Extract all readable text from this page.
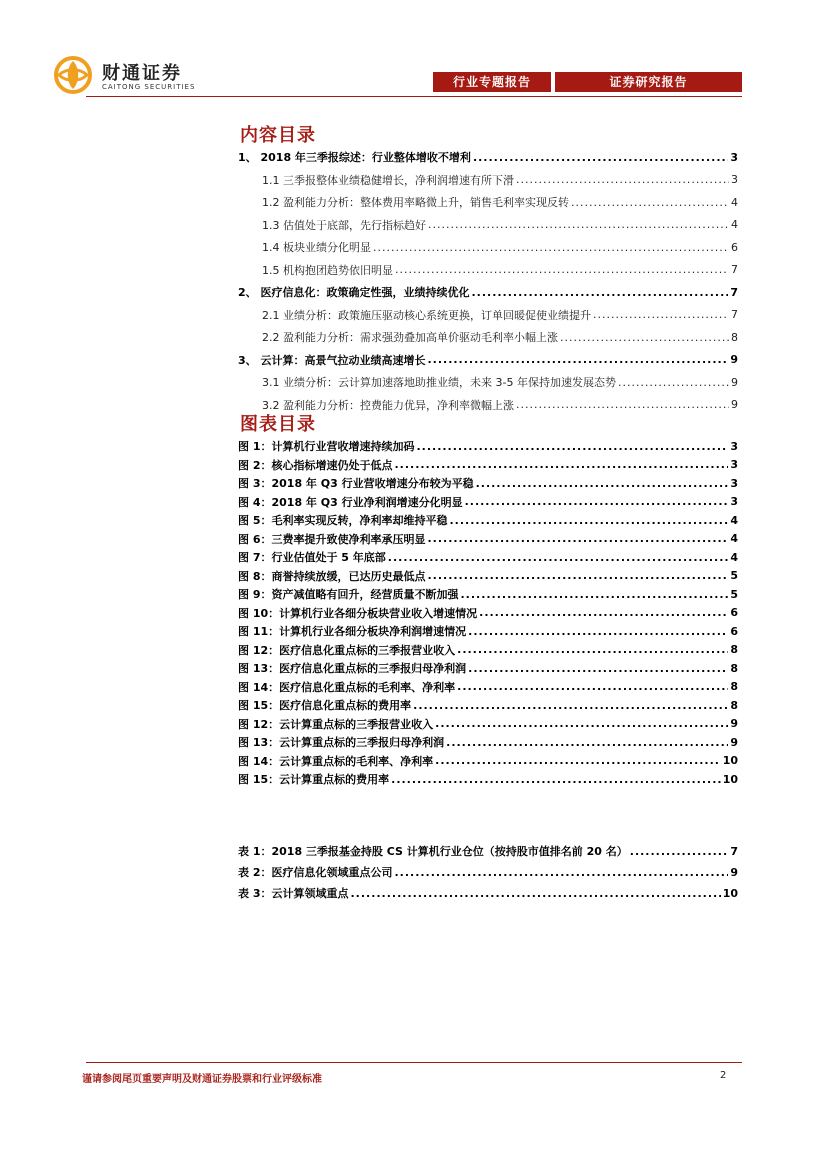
财通证券
CAITONG SECURITIES	行业专题报告	证券研究报告
内容目录
1、 2018 年三季报综述：行业整体增收不增利 .....	3
1.1 三季报整体业绩稳健增长，净利润增速有所下滑 .....	3
1.2 盈利能力分析：整体费用率略微上升，销售毛利率实现反转 .....	4
1.3 估值处于底部，先行指标趋好 .....	4
1.4 板块业绩分化明显 .....	6
1.5 机构抱团趋势依旧明显 .....	7
2、 医疗信息化：政策确定性强，业绩持续优化 .....	7
2.1 业绩分析：政策施压驱动核心系统更换，订单回暖促使业绩提升 .....	7
2.2 盈利能力分析：需求强劲叠加高单价驱动毛利率小幅上涨 .....	8
3、 云计算：高景气拉动业绩高速增长 .....	9
3.1 业绩分析：云计算加速落地助推业绩，未来 3-5 年保持加速发展态势 .....	9
3.2 盈利能力分析：控费能力优异，净利率微幅上涨 .....	9
图表目录
图 1：计算机行业营收增速持续加码 .....	3
图 2：核心指标增速仍处于低点 .....	3
图 3：2018 年 Q3 行业营收增速分布较为平稳 .....	3
图 4：2018 年 Q3 行业净利润增速分化明显 .....	3
图 5：毛利率实现反转，净利率却维持平稳 .....	4
图 6：三费率提升致使净利率承压明显 .....	4
图 7：行业估值处于 5 年底部 .....	4
图 8：商誉持续放缓，已达历史最低点 .....	5
图 9：资产减值略有回升，经营质量不断加强 .....	5
图 10：计算机行业各细分板块营业收入增速情况 .....	6
图 11：计算机行业各细分板块净利润增速情况 .....	6
图 12：医疗信息化重点标的三季报营业收入 .....	8
图 13：医疗信息化重点标的三季报归母净利润 .....	8
图 14：医疗信息化重点标的毛利率、净利率 .....	8
图 15：医疗信息化重点标的费用率 .....	8
图 12：云计算重点标的三季报营业收入 .....	9
图 13：云计算重点标的三季报归母净利润 .....	9
图 14：云计算重点标的毛利率、净利率 .....	10
图 15：云计算重点标的费用率 .....	10
表 1：2018 三季报基金持股 CS 计算机行业仓位（按持股市值排名前 20 名） .....	7
表 2：医疗信息化领域重点公司 .....	9
表 3：云计算领域重点 .....	10
谨请参阅尾页重要声明及财通证券股票和行业评级标准	2
